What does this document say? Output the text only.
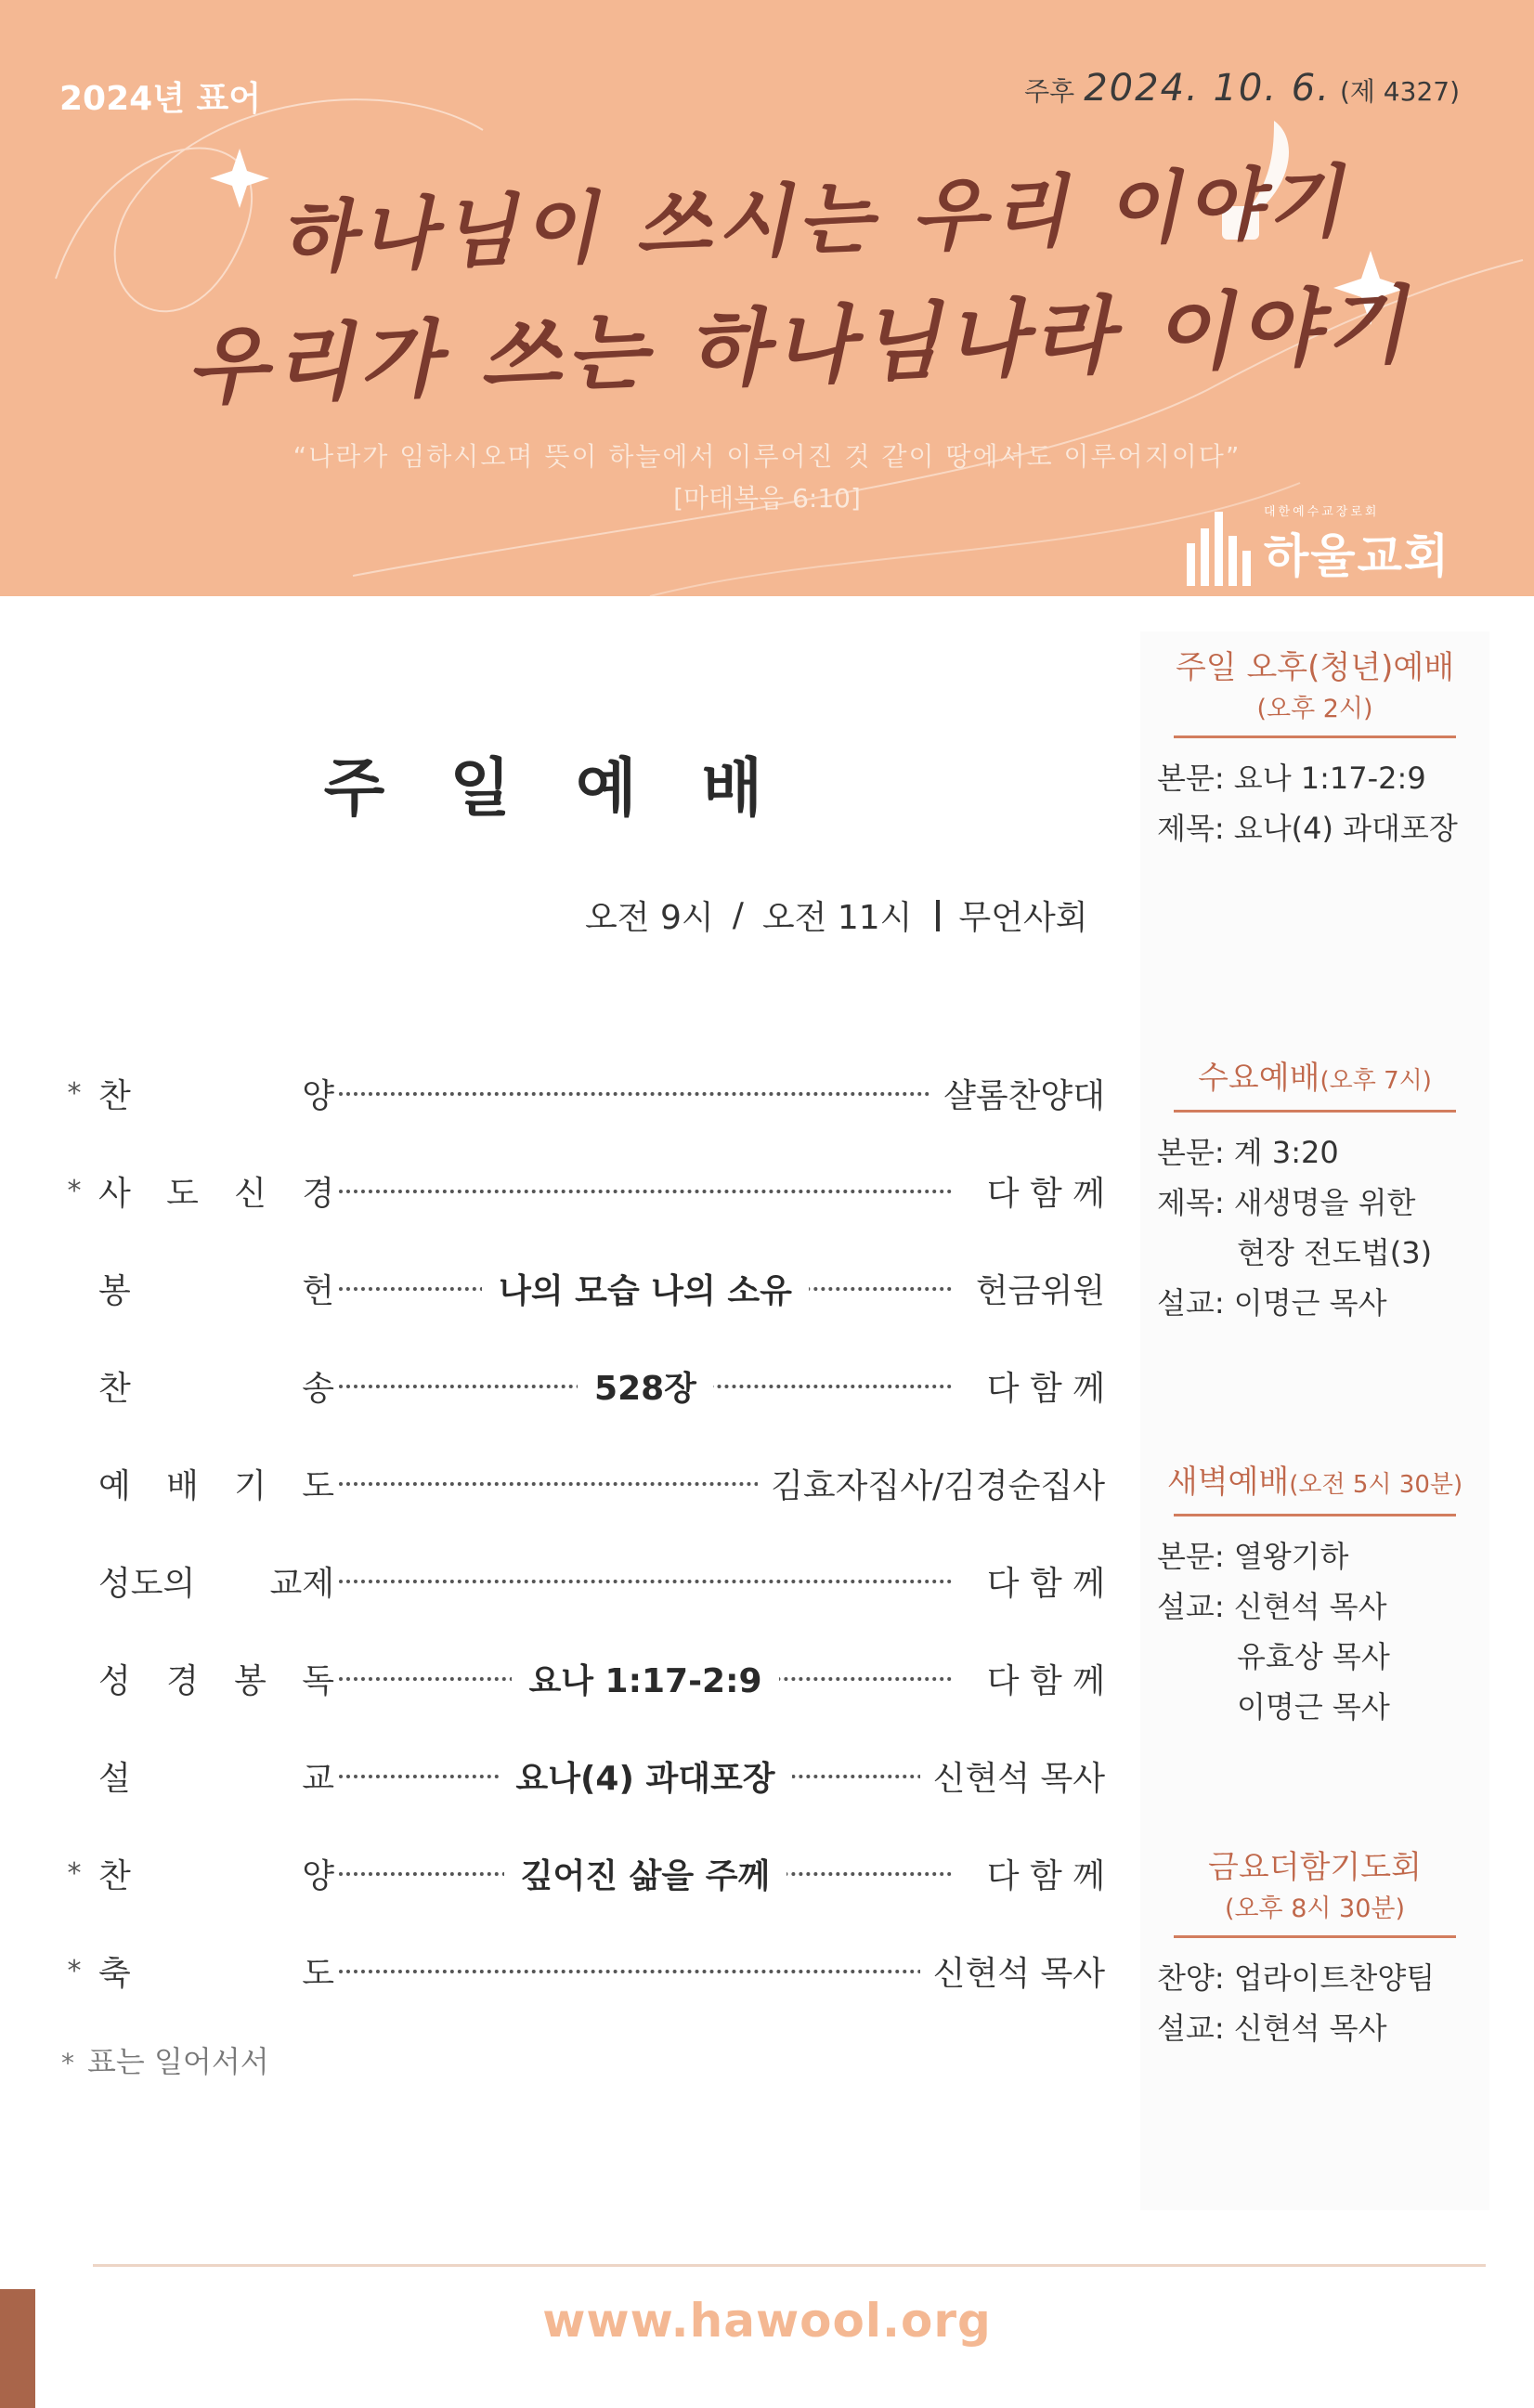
2024년 표어	주후 2024. 10. 6. (제 4327)
하나님이 쓰시는 우리 이야기
우리가 쓰는 하나님나라 이야기
“나라가 임하시오며 뜻이 하늘에서 이루어진 것 같이 땅에서도 이루어지이다”
[마태복음 6:10]	대한예수교장로회
하울교회
주일예배
오전 9시 / 오전 11시 무언사회
* 찬	양	샬롬찬양대
* 사 도 신 경	다 함 께
봉	헌	나의 모습 나의 소유	헌금위원
찬	송	528장	다 함 께
예 배 기 도	김효자집사/김경순집사
성도의 교제	다 함 께
성 경 봉 독	요나 1:17-2:9	다 함 께
설	교	요나(4) 과대포장	신현석 목사
* 찬	양	깊어진 삶을 주께	다 함 께
* 축	도	신현석 목사
* 표는 일어서서
주일 오후(청년)예배
(오후 2시)
본문: 요나 1:17-2:9
제목: 요나(4) 과대포장
수요예배(오후 7시)
본문: 계 3:20
제목: 새생명을 위한
현장 전도법(3)
설교: 이명근 목사
새벽예배(오전 5시 30분)
본문: 열왕기하
설교: 신현석 목사
유효상 목사
이명근 목사
금요더함기도회
(오후 8시 30분)
찬양: 업라이트찬양팀
설교: 신현석 목사
www.hawool.org
